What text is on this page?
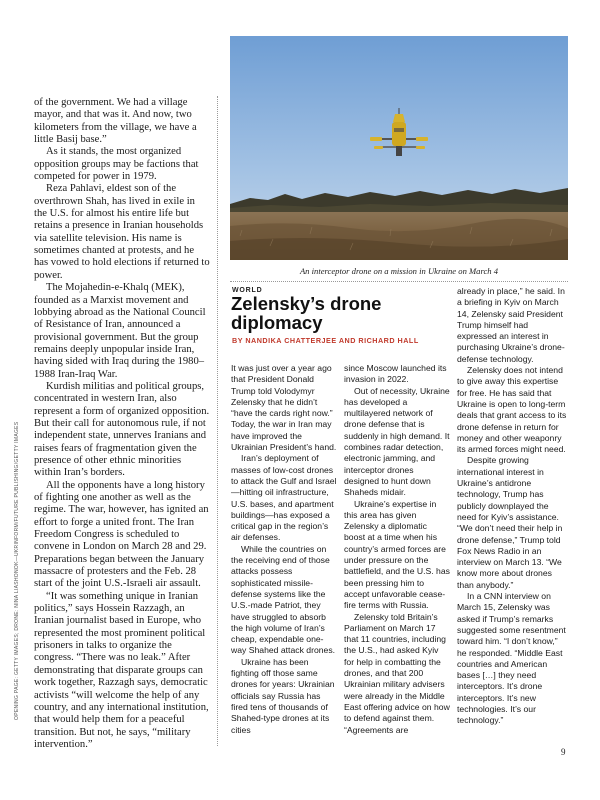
OPENING PAGE: GETTY IMAGES; DRONE: NINA LIASHONOK—UKRINFORM/FUTURE PUBLISHING/GETTY IMAGES

of the government. We had a village mayor, and that was it. And now, two kilometers from the village, we have a little Basij base.”

As it stands, the most organized opposition groups may be factions that competed for power in 1979.

Reza Pahlavi, eldest son of the overthrown Shah, has lived in exile in the U.S. for almost his entire life but retains a presence in Iranian households via satellite television. His name is sometimes chanted at protests, and he has vowed to hold elections if returned to power.

The Mojahedin-e-Khalq (MEK), founded as a Marxist movement and lobbying abroad as the National Council of Resistance of Iran, announced a provisional government. But the group remains deeply unpopular inside Iran, having sided with Iraq during the 1980–1988 Iran-Iraq War.

Kurdish militias and political groups, concentrated in western Iran, also represent a form of organized opposition. But their call for autonomous rule, if not independent state, unnerves Iranians and raises fears of fragmentation given the presence of other ethnic minorities within Iran’s borders.

All the opponents have a long history of fighting one another as well as the regime. The war, however, has ignited an effort to forge a united front. The Iran Freedom Congress is scheduled to convene in London on March 28 and 29. Preparations began between the January massacre of protesters and the Feb. 28 start of the joint U.S.-Israeli air assault.

“It was something unique in Iranian politics,” says Hossein Razzagh, an Iranian journalist based in Europe, who represented the most prominent political prisoners in talks to organize the congress. “There was no leak.” After demonstrating that disparate groups can work together, Razzagh says, democratic activists “will welcome the help of any country, and any international institution, that would help them for a peaceful transition. But not, he says, “military intervention.”

An interceptor drone on a mission in Ukraine on March 4
WORLD
Zelensky’s drone diplomacy
BY NANDIKA CHATTERJEE AND RICHARD HALL

It was just over a year ago that President Donald Trump told Volodymyr Zelensky that he didn’t “have the cards right now.” Today, the war in Iran may have improved the Ukrainian President’s hand.

Iran’s deployment of masses of low-cost drones to attack the Gulf and Israel—hitting oil infrastructure, U.S. bases, and apartment buildings—has exposed a critical gap in the region’s air defenses.

While the countries on the receiving end of those attacks possess sophisticated missile-defense systems like the U.S.-made Patriot, they have struggled to absorb the high volume of Iran’s cheap, expendable one-way Shahed attack drones.

Ukraine has been fighting off those same drones for years: Ukrainian officials say Russia has fired tens of thousands of Shahed-type drones at its cities

since Moscow launched its invasion in 2022.

Out of necessity, Ukraine has developed a multilayered network of drone defense that is suddenly in high demand. It combines radar detection, electronic jamming, and interceptor drones designed to hunt down Shaheds midair.

Ukraine’s expertise in this area has given Zelensky a diplomatic boost at a time when his country’s armed forces are under pressure on the battlefield, and the U.S. has been pressing him to accept unfavorable cease-fire terms with Russia.

Zelensky told Britain’s Parliament on March 17 that 11 countries, including the U.S., had asked Kyiv for help in combatting the drones, and that 200 Ukrainian military advisers were already in the Middle East offering advice on how to defend against them. “Agreements are

already in place,” he said. In a briefing in Kyiv on March 14, Zelensky said President Trump himself had expressed an interest in purchasing Ukraine’s drone-defense technology.

Zelensky does not intend to give away this expertise for free. He has said that Ukraine is open to long-term deals that grant access to its drone defense in return for money and other weaponry its armed forces might need.

Despite growing international interest in Ukraine’s antidrone technology, Trump has publicly downplayed the need for Kyiv’s assistance. “We don’t need their help in drone defense,” Trump told Fox News Radio in an interview on March 13. “We know more about drones than anybody.”

In a CNN interview on March 15, Zelensky was asked if Trump’s remarks suggested some resentment toward him. “I don’t know,” he responded. “Middle East countries and American bases […] they need interceptors. It’s drone interceptors. It’s new technologies. It’s our technology.”

9
